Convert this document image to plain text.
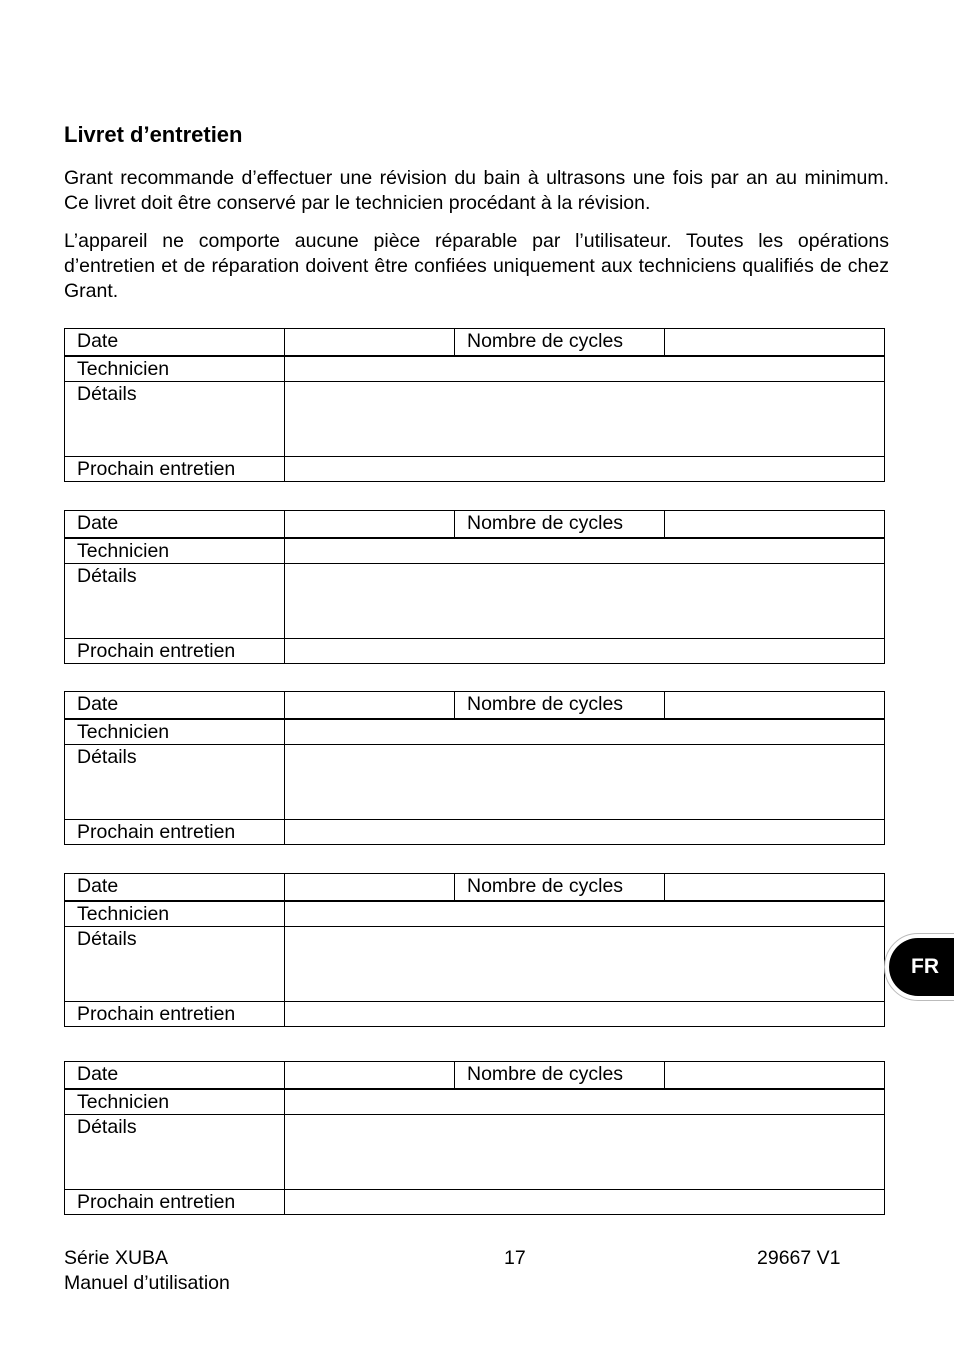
Livret d’entretien

Grant recommande d’effectuer une révision du bain à ultrasons une fois par an au minimum. Ce livret doit être conservé par le technicien procédant à la révision.

L’appareil ne comporte aucune pièce réparable par l’utilisateur. Toutes les opérations d’entretien et de réparation doivent être confiées uniquement aux techniciens qualifiés de chez Grant.

Date		Nombre de cycles	
Technicien			
Détails			
Prochain entretien			
Date		Nombre de cycles	
Technicien			
Détails			
Prochain entretien			
Date		Nombre de cycles	
Technicien			
Détails			
Prochain entretien			
Date		Nombre de cycles	
Technicien			
Détails			
Prochain entretien			
Date		Nombre de cycles	
Technicien			
Détails			
Prochain entretien			
FR
Série XUBA
Manuel d’utilisation
17	29667 V1
